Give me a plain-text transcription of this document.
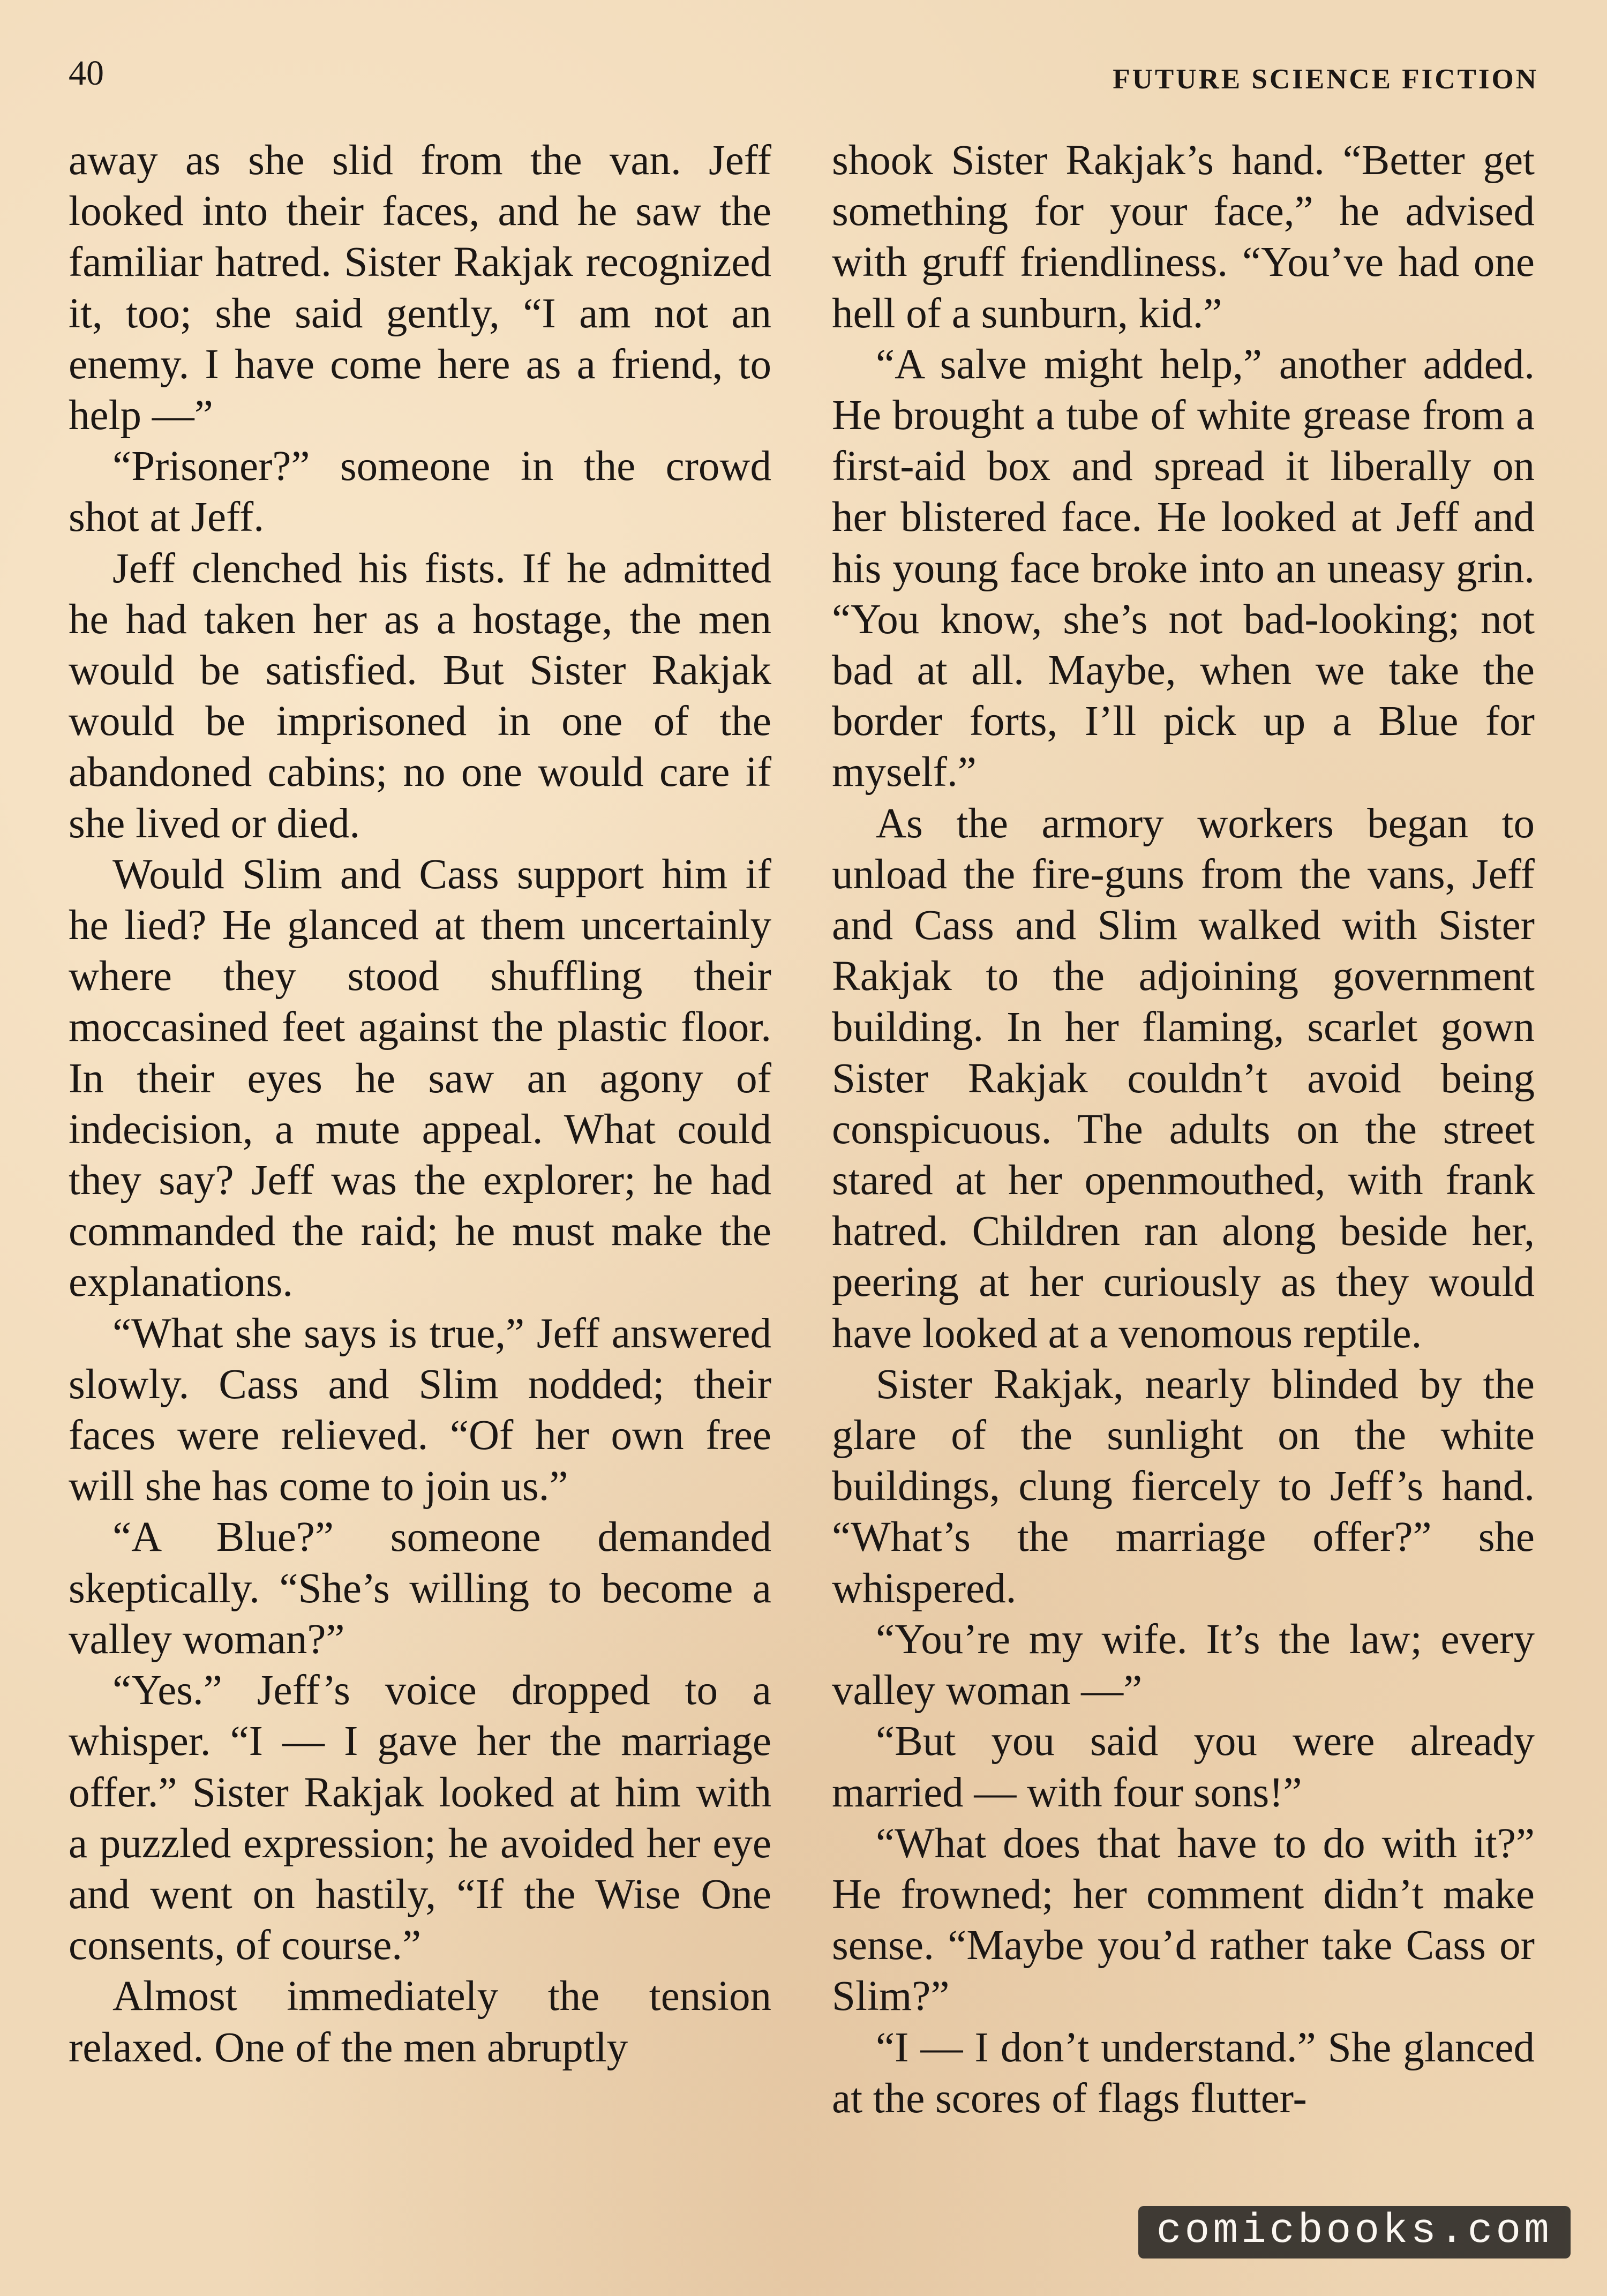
40	FUTURE SCIENCE FICTION

away as she slid from the van. Jeff looked into their faces, and he saw the familiar hatred. Sister Rakjak recognized it, too; she said gently, “I am not an enemy. I have come here as a friend, to help —”

“Prisoner?” someone in the crowd shot at Jeff.

Jeff clenched his fists. If he admitted he had taken her as a hostage, the men would be satisfied. But Sister Rakjak would be imprisoned in one of the abandoned cabins; no one would care if she lived or died.

Would Slim and Cass support him if he lied? He glanced at them uncertainly where they stood shuffling their moccasined feet against the plastic floor. In their eyes he saw an agony of indecision, a mute appeal. What could they say? Jeff was the explorer; he had commanded the raid; he must make the explanations.

“What she says is true,” Jeff answered slowly. Cass and Slim nodded; their faces were relieved. “Of her own free will she has come to join us.”

“A Blue?” someone demanded skeptically. “She’s willing to become a valley woman?”

“Yes.” Jeff’s voice dropped to a whisper. “I — I gave her the marriage offer.” Sister Rakjak looked at him with a puzzled expression; he avoided her eye and went on hastily, “If the Wise One consents, of course.”

Almost immediately the tension relaxed. One of the men abruptly

shook Sister Rakjak’s hand. “Better get something for your face,” he advised with gruff friendliness. “You’ve had one hell of a sunburn, kid.”

“A salve might help,” another added. He brought a tube of white grease from a first-aid box and spread it liberally on her blistered face. He looked at Jeff and his young face broke into an uneasy grin. “You know, she’s not bad-looking; not bad at all. Maybe, when we take the border forts, I’ll pick up a Blue for myself.”

As the armory workers began to unload the fire-guns from the vans, Jeff and Cass and Slim walked with Sister Rakjak to the adjoining government building. In her flaming, scarlet gown Sister Rakjak couldn’t avoid being conspicuous. The adults on the street stared at her openmouthed, with frank hatred. Children ran along beside her, peering at her curiously as they would have looked at a venomous reptile.

Sister Rakjak, nearly blinded by the glare of the sunlight on the white buildings, clung fiercely to Jeff’s hand. “What’s the marriage offer?” she whispered.

“You’re my wife. It’s the law; every valley woman —”

“But you said you were already married — with four sons!”

“What does that have to do with it?” He frowned; her comment didn’t make sense. “Maybe you’d rather take Cass or Slim?”

“I — I don’t understand.” She glanced at the scores of flags flutter-

comicbooks.com
